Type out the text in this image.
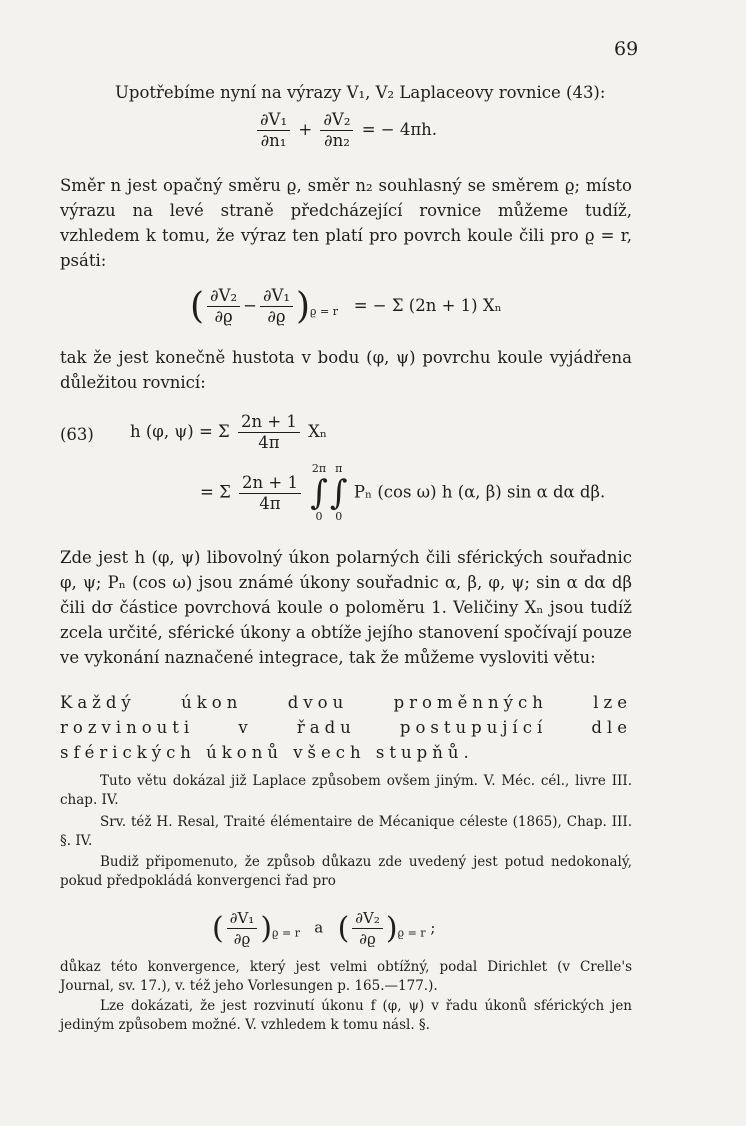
69
Upotřebíme nyní na výrazy V₁, V₂ Laplaceovy rovnice (43):
$\frac{\text{∂V₁}}{\text{∂n₁}} + \frac{\text{∂V₂}}{\text{∂n₂}}$ = − 4πh.
Směr n jest opačný směru ϱ, směr n₂ souhlasný se směrem ϱ; místo výrazu na levé straně předcházející rovnice můžeme tudíž, vzhledem k tomu, že výraz ten platí pro povrch koule čili pro ϱ = r, psáti:
( $\frac{\text{∂V₂}}{\partial ϱ} - \frac{\text{∂V₁}}{\partial ϱ} )_{ϱ = r}$ = − Σ (2n + 1) Xₙ
tak že jest konečně hustota v bodu (φ, ψ) povrchu koule vyjádřena důležitou rovnicí:
(63) h (φ, ψ) = Σ $\frac{2n + 1}{4\pi}$ Xₙ
= Σ $\frac{2n + 1}{4\pi}$

2π
∫
0
π
∫
0
Pₙ (cos ω) h (α, β) sin α dα dβ.
Zde jest h (φ, ψ) libovolný úkon polarných čili sférických souřadnic φ, ψ; Pₙ (cos ω) jsou známé úkony souřadnic α, β, φ, ψ; sin α dα dβ čili dσ částice povrchová koule o poloměru 1. Veličiny Xₙ jsou tudíž zcela určité, sférické úkony a obtíže jejího stanovení spočívají pouze ve vykonání naznačené integrace, tak že můžeme vysloviti větu:
Každý úkon dvou proměnných lze rozvinouti v řadu postupující dle sférických úkonů všech stupňů.
Tuto větu dokázal již Laplace způsobem ovšem jiným. V. Méc. cél., livre III. chap. IV.
Srv. též H. Resal, Traité élémentaire de Mécanique céleste (1865), Chap. III. §. IV.
Budiž připomenuto, že způsob důkazu zde uvedený jest potud nedokonalý, pokud předpokládá konvergenci řad pro
( $\frac{\text{∂V₁}}{\partial ϱ} )_{ϱ = r}$ a ( $\frac{\text{∂V₂}}{\partial ϱ} )_{ϱ = r}$ ;
důkaz této konvergence, který jest velmi obtížný, podal Dirichlet (v Crelle's Journal, sv. 17.), v. též jeho Vorlesungen p. 165.—177.).
Lze dokázati, že jest rozvinutí úkonu f (φ, ψ) v řadu úkonů sférických jen jediným způsobem možné. V. vzhledem k tomu násl. §.
